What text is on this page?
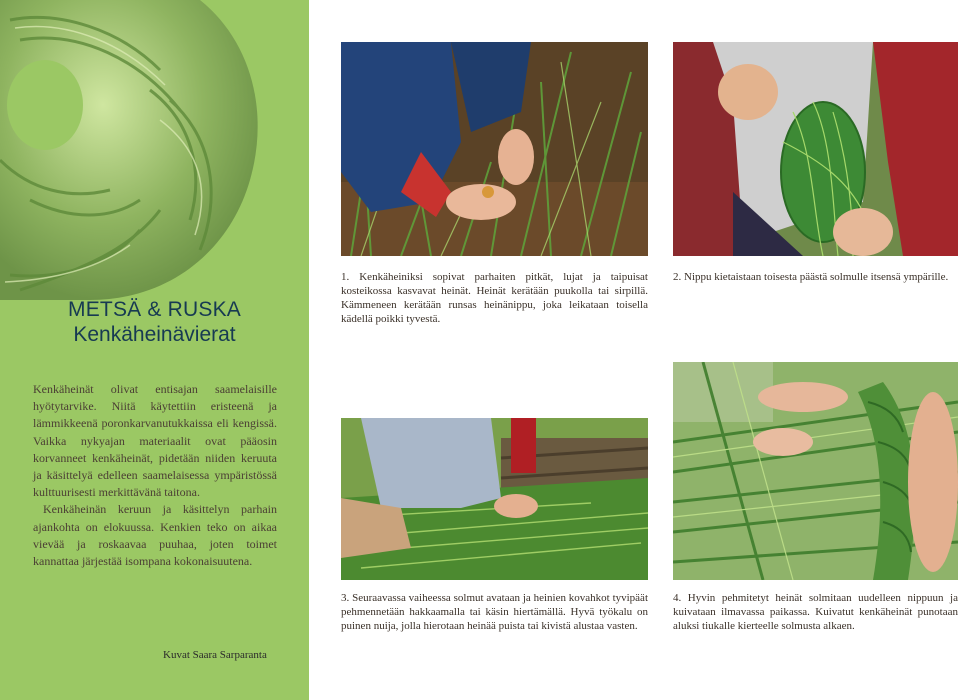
METSÄ & RUSKA
Kenkäheinävierat

Kenkäheinät olivat entisajan saamelaisille hyötytarvike. Niitä käytettiin eristeenä ja lämmikkeenä poronkarvanutukkaissa eli kengissä. Vaikka nykyajan materiaalit ovat pääosin korvanneet kenkäheinät, pidetään niiden keruuta ja käsittelyä edelleen saamelaisessa ympäristössä kulttuurisesti merkittävänä taitona.

Kenkäheinän keruun ja käsittelyn parhain ajankohta on elokuussa. Kenkien teko on aikaa vievää ja roskaavaa puuhaa, joten toimet kannattaa järjestää isompana kokonaisuutena.

Kuvat Saara Sarparanta
1. Kenkäheiniksi sopivat parhaiten pitkät, lujat ja taipuisat kosteikossa kasvavat heinät. Heinät kerätään puukolla tai sirpillä. Kämmeneen kerätään runsas heinänippu, joka leikataan toisella kädellä poikki tyvestä.
2. Nippu kietaistaan toisesta päästä solmulle itsensä ympärille.
3. Seuraavassa vaiheessa solmut avataan ja heinien kovahkot tyvipäät pehmennetään hakkaamalla tai käsin hiertämällä. Hyvä työkalu on puinen nuija, jolla hierotaan heinää puista tai kivistä alustaa vasten.
4. Hyvin pehmitetyt heinät solmitaan uudelleen nippuun ja kuivataan ilmavassa paikassa. Kuivatut kenkäheinät punotaan aluksi tiukalle kierteelle solmusta alkaen.
